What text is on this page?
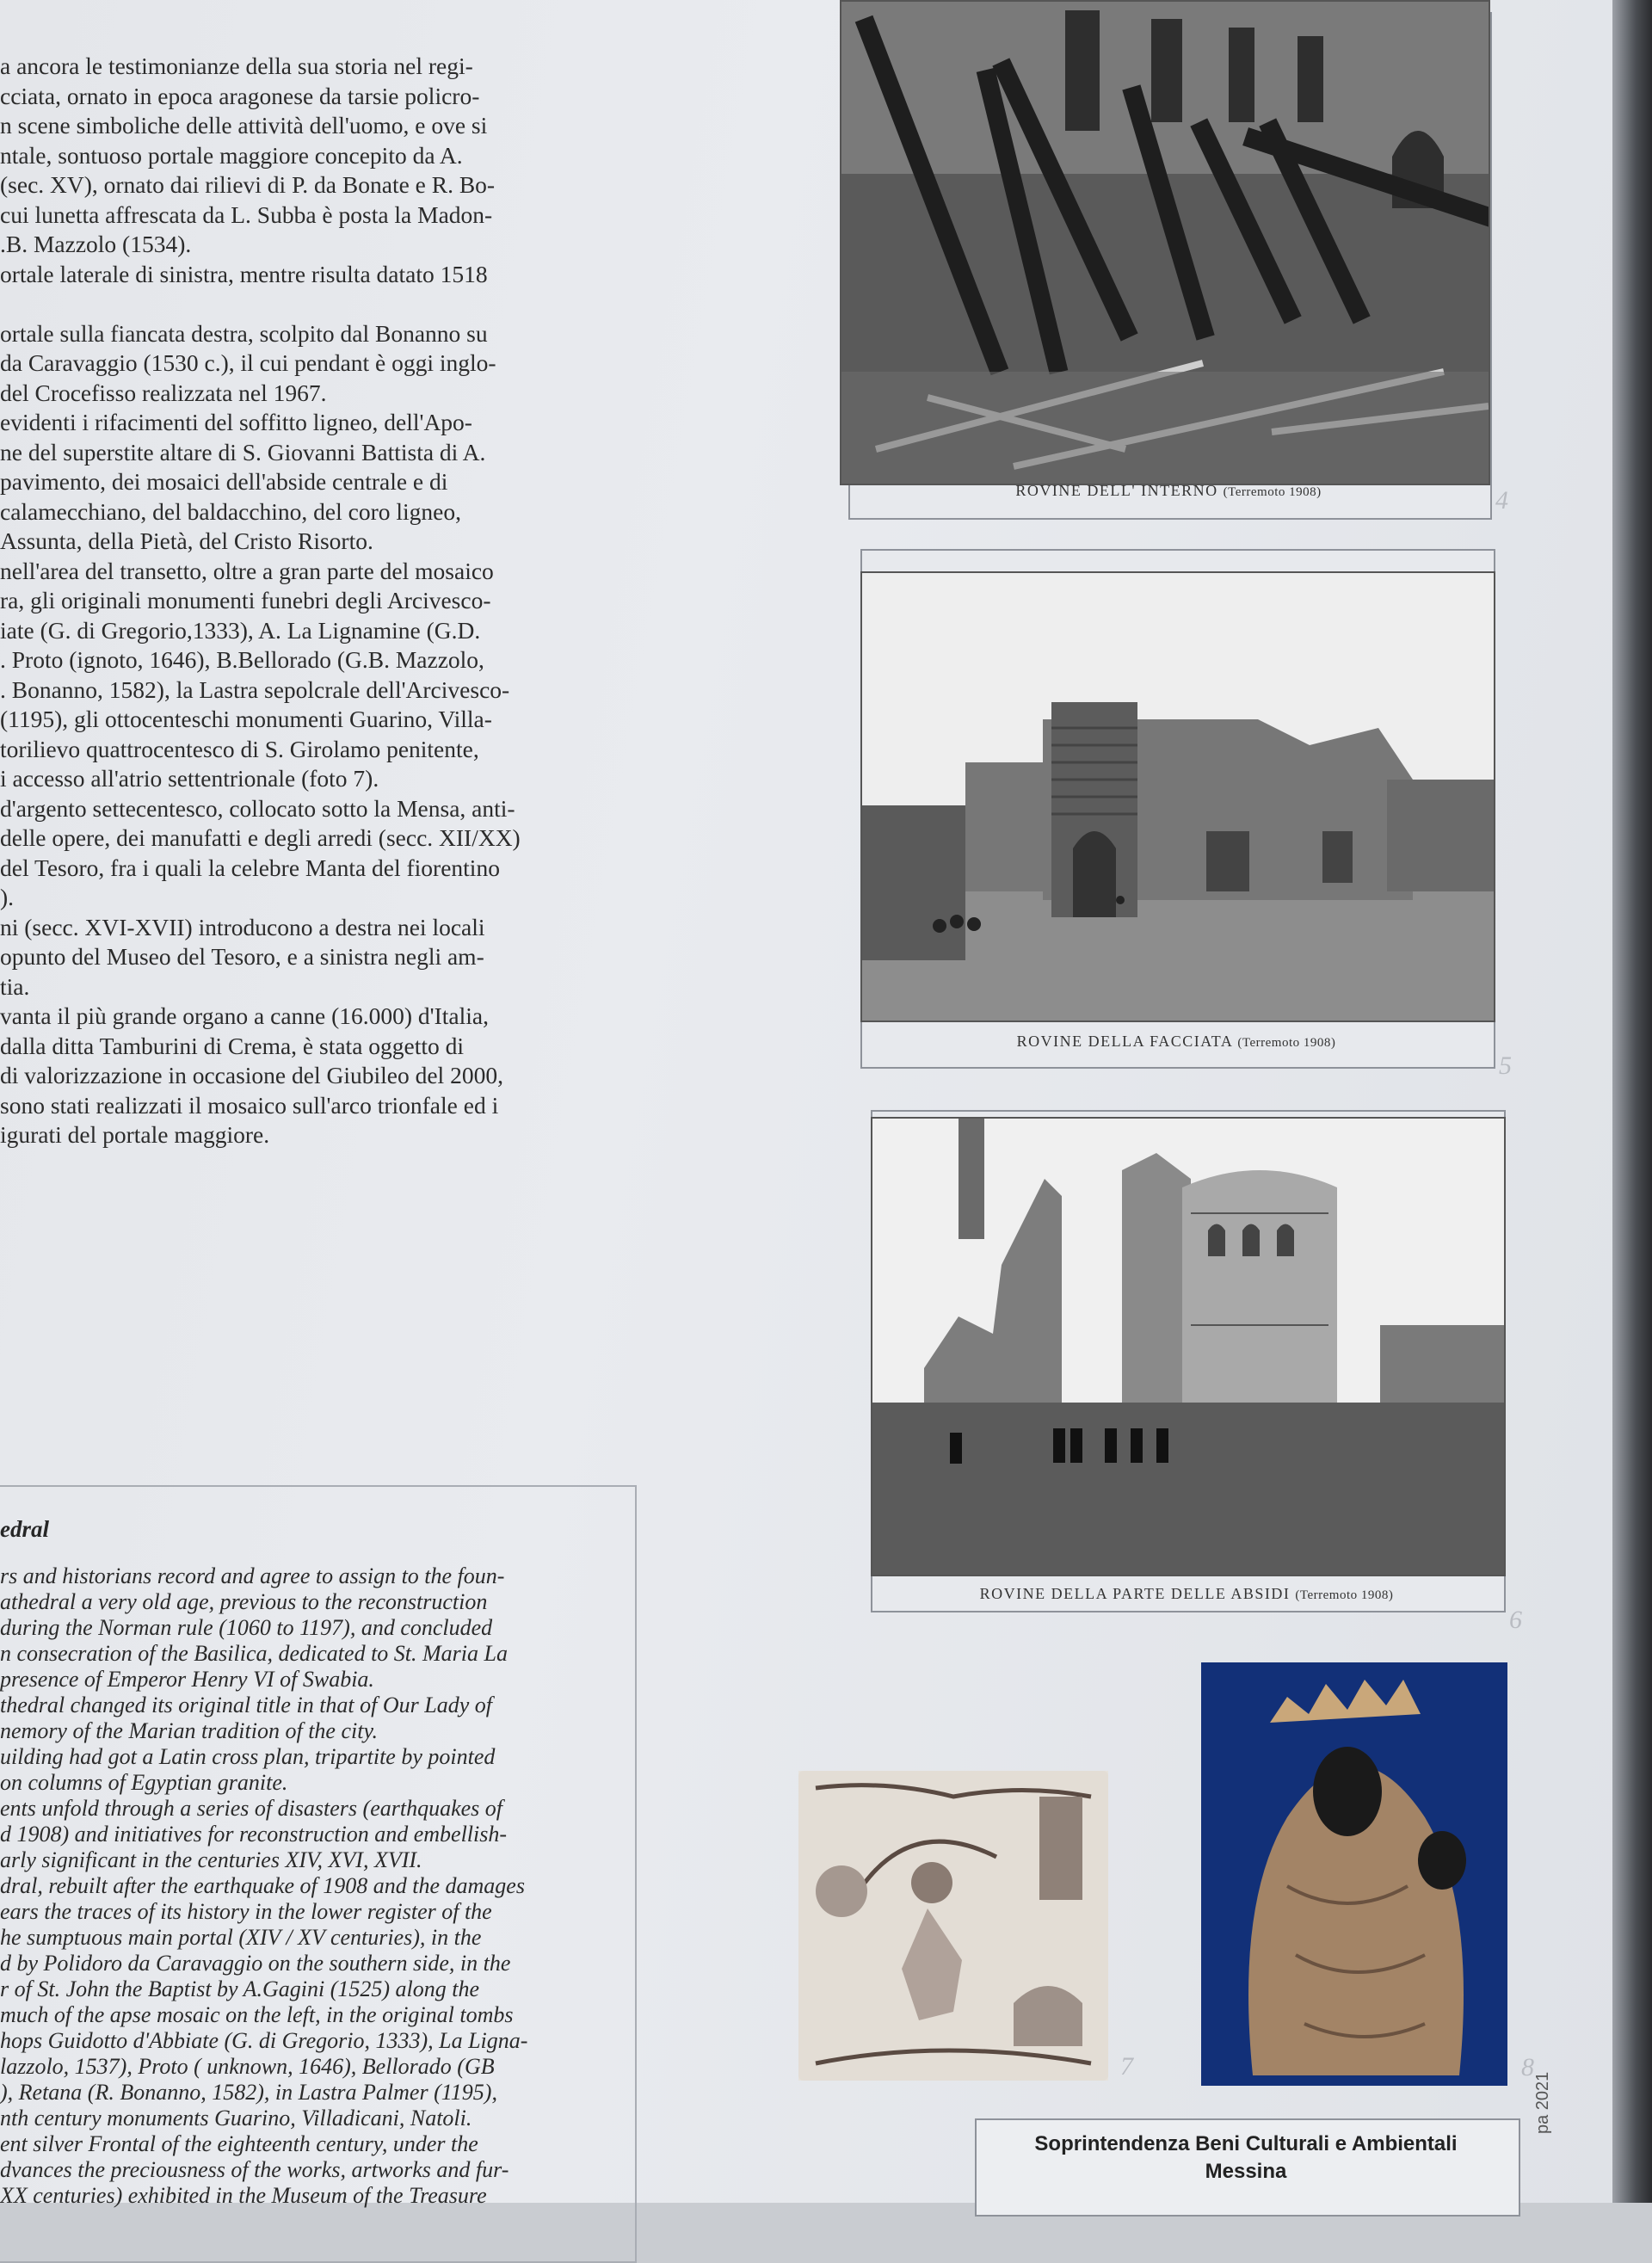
a ancora le testimonianze della sua storia nel regi-

cciata, ornato in epoca aragonese da tarsie policro-

n scene simboliche delle attività dell'uomo, e ove si

ntale, sontuoso portale maggiore concepito da A.

(sec. XV), ornato dai rilievi di P. da Bonate e R. Bo-

cui lunetta affrescata da L. Subba è posta la Madon-

.B. Mazzolo (1534).

ortale laterale di sinistra, mentre risulta datato 1518

ortale sulla fiancata destra, scolpito dal Bonanno su

da Caravaggio (1530 c.), il cui pendant è oggi inglo-

del Crocefisso realizzata nel 1967.

evidenti i rifacimenti del soffitto ligneo, dell'Apo-

ne del superstite altare di S. Giovanni Battista di A.

pavimento, dei mosaici dell'abside centrale e di

calamecchiano, del baldacchino, del coro ligneo,

Assunta, della Pietà, del Cristo Risorto.

nell'area del transetto, oltre a gran parte del mosaico

ra, gli originali monumenti funebri degli Arcivesco-

iate (G. di Gregorio,1333), A. La Lignamine (G.D.

. Proto (ignoto, 1646), B.Bellorado (G.B. Mazzolo,

. Bonanno, 1582), la Lastra sepolcrale dell'Arcivesco-

(1195), gli ottocenteschi monumenti Guarino, Villa-

torilievo quattrocentesco di S. Girolamo penitente,

i accesso all'atrio settentrionale (foto 7).

d'argento settecentesco, collocato sotto la Mensa, anti-

delle opere, dei manufatti e degli arredi (secc. XII/XX)

del Tesoro, fra i quali la celebre Manta del fiorentino

).

ni (secc. XVI-XVII) introducono a destra nei locali

opunto del Museo del Tesoro, e a sinistra negli am-

tia.

vanta il più grande organo a canne (16.000) d'Italia,

dalla ditta Tamburini di Crema, è stata oggetto di

di valorizzazione in occasione del Giubileo del 2000,

sono stati realizzati il mosaico sull'arco trionfale ed i

igurati del portale maggiore.

edral

rs and historians record and agree to assign to the foun-

athedral a very old age, previous to the reconstruction

during the Norman rule (1060 to 1197), and concluded

n consecration of the Basilica, dedicated to St. Maria La

presence of Emperor Henry VI of Swabia.

thedral changed its original title in that of Our Lady of

nemory of the Marian tradition of the city.

uilding had got a Latin cross plan, tripartite by pointed

on columns of Egyptian granite.

ents unfold through a series of disasters (earthquakes of

d 1908) and initiatives for reconstruction and embellish-

arly significant in the centuries XIV, XVI, XVII.

dral, rebuilt after the earthquake of 1908 and the damages

ears the traces of its history in the lower register of the

he sumptuous main portal (XIV / XV centuries), in the

d by Polidoro da Caravaggio on the southern side, in the

r of St. John the Baptist by A.Gagini (1525) along the

much of the apse mosaic on the left, in the original tombs

hops Guidotto d'Abbiate (G. di Gregorio, 1333), La Ligna-

lazzolo, 1537), Proto ( unknown, 1646), Bellorado (GB

), Retana (R. Bonanno, 1582), in Lastra Palmer (1195),

nth century monuments Guarino, Villadicani, Natoli.

ent silver Frontal of the eighteenth century, under the

dvances the preciousness of the works, artworks and fur-

XX centuries) exhibited in the Museum of the Treasure

ROVINE DELL' INTERNO (Terremoto 1908)	4
ROVINE DELLA FACCIATA (Terremoto 1908)
5
ROVINE DELLA PARTE DELLE ABSIDI (Terremoto 1908)
6
7	8
Soprintendenza Beni Culturali e Ambientali
Messina
pa 2021
